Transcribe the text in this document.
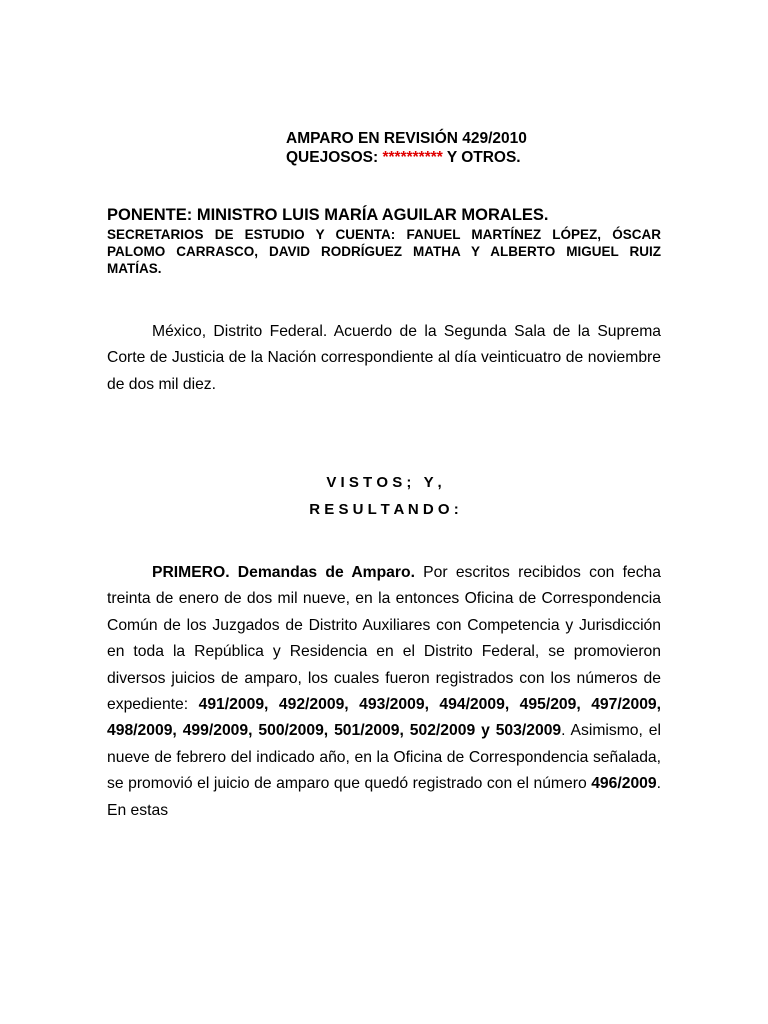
AMPARO EN REVISIÓN 429/2010
QUEJOSOS: ********** Y OTROS.
PONENTE: MINISTRO LUIS MARÍA AGUILAR MORALES.
SECRETARIOS DE ESTUDIO Y CUENTA: FANUEL MARTÍNEZ LÓPEZ, ÓSCAR PALOMO CARRASCO, DAVID RODRÍGUEZ MATHA Y ALBERTO MIGUEL RUIZ MATÍAS.
México, Distrito Federal. Acuerdo de la Segunda Sala de la Suprema Corte de Justicia de la Nación correspondiente al día veinticuatro de noviembre de dos mil diez.
V I S T O S ;   Y ,
R E S U L T A N D O :
PRIMERO. Demandas de Amparo. Por escritos recibidos con fecha treinta de enero de dos mil nueve, en la entonces Oficina de Correspondencia Común de los Juzgados de Distrito Auxiliares con Competencia y Jurisdicción en toda la República y Residencia en el Distrito Federal, se promovieron diversos juicios de amparo, los cuales fueron registrados con los números de expediente: 491/2009, 492/2009, 493/2009, 494/2009, 495/209, 497/2009, 498/2009, 499/2009, 500/2009, 501/2009, 502/2009 y 503/2009. Asimismo, el nueve de febrero del indicado año, en la Oficina de Correspondencia señalada, se promovió el juicio de amparo que quedó registrado con el número 496/2009. En estas
